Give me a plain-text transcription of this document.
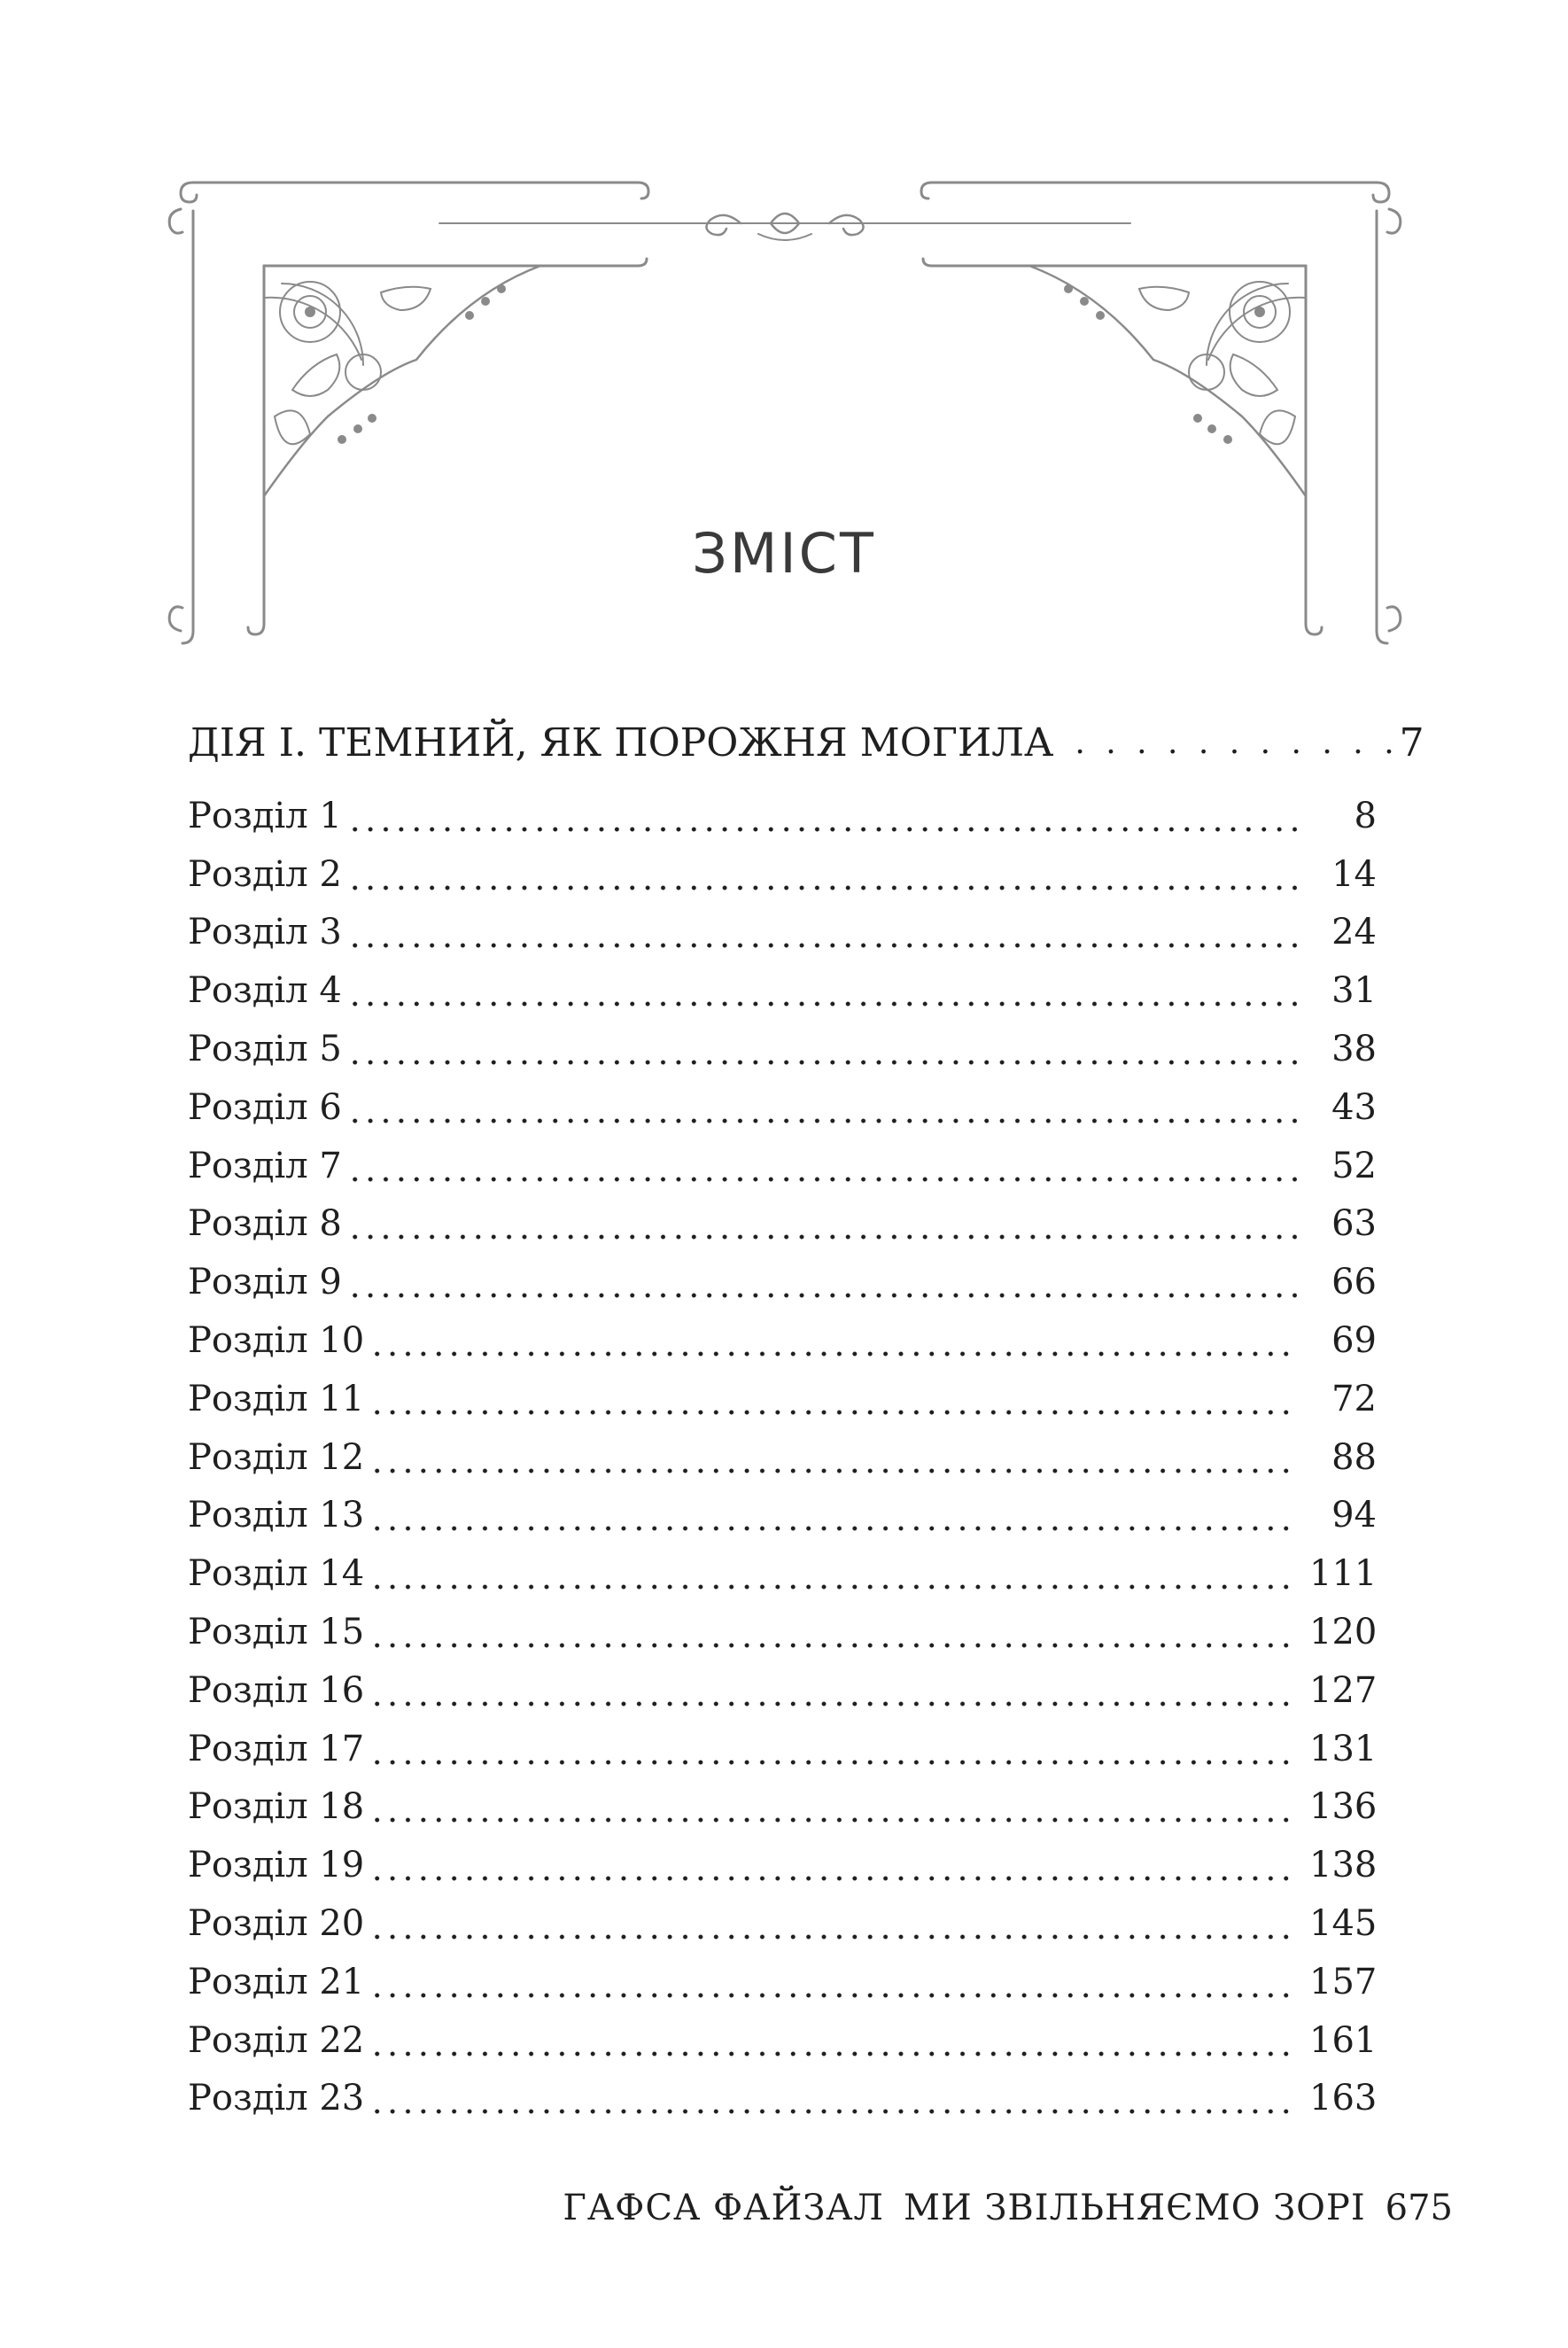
ЗМІСТ
ДІЯ І. ТЕМНИЙ, ЯК ПОРОЖНЯ МОГИЛА . . . . . . . . . . . 7
Розділ 1	8
Розділ 2	14
Розділ 3	24
Розділ 4	31
Розділ 5	38
Розділ 6	43
Розділ 7	52
Розділ 8	63
Розділ 9	66
Розділ 10	69
Розділ 11	72
Розділ 12	88
Розділ 13	94
Розділ 14	111
Розділ 15	120
Розділ 16	127
Розділ 17	131
Розділ 18	136
Розділ 19	138
Розділ 20	145
Розділ 21	157
Розділ 22	161
Розділ 23	163
ГАФСА ФАЙЗАЛ МИ ЗВІЛЬНЯЄМО ЗОРІ 675
